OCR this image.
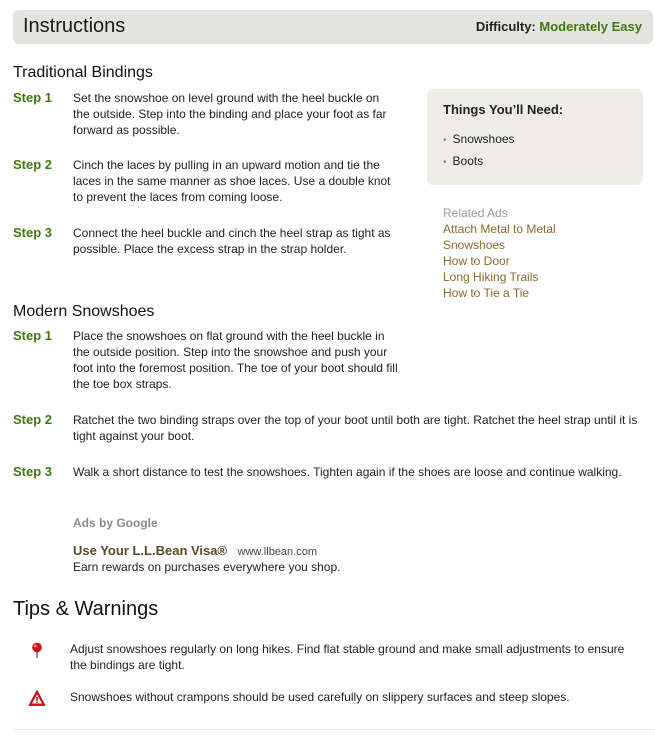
Instructions	Difficulty: Moderately Easy
Traditional Bindings
Step 1 Set the snowshoe on level ground with the heel buckle on the outside. Step into the binding and place your foot as far forward as possible.
Step 2 Cinch the laces by pulling in an upward motion and tie the laces in the same manner as shoe laces. Use a double knot to prevent the laces from coming loose.
Step 3 Connect the heel buckle and cinch the heel strap as tight as possible. Place the excess strap in the strap holder.
Things You’ll Need:
• Snowshoes
• Boots
Related Ads
Attach Metal to Metal
Snowshoes
How to Door
Long Hiking Trails
How to Tie a Tie
Modern Snowshoes
Step 1 Place the snowshoes on flat ground with the heel buckle in the outside position. Step into the snowshoe and push your foot into the foremost position. The toe of your boot should fill the toe box straps.
Step 2 Ratchet the two binding straps over the top of your boot until both are tight. Ratchet the heel strap until it is tight against your boot.
Step 3 Walk a short distance to test the snowshoes. Tighten again if the shoes are loose and continue walking.
Ads by Google
Use Your L.L.Bean Visa® www.llbean.com
Earn rewards on purchases everywhere you shop.
Tips & Warnings
Adjust snowshoes regularly on long hikes. Find flat stable ground and make small adjustments to ensure the bindings are tight.
Snowshoes without crampons should be used carefully on slippery surfaces and steep slopes.
